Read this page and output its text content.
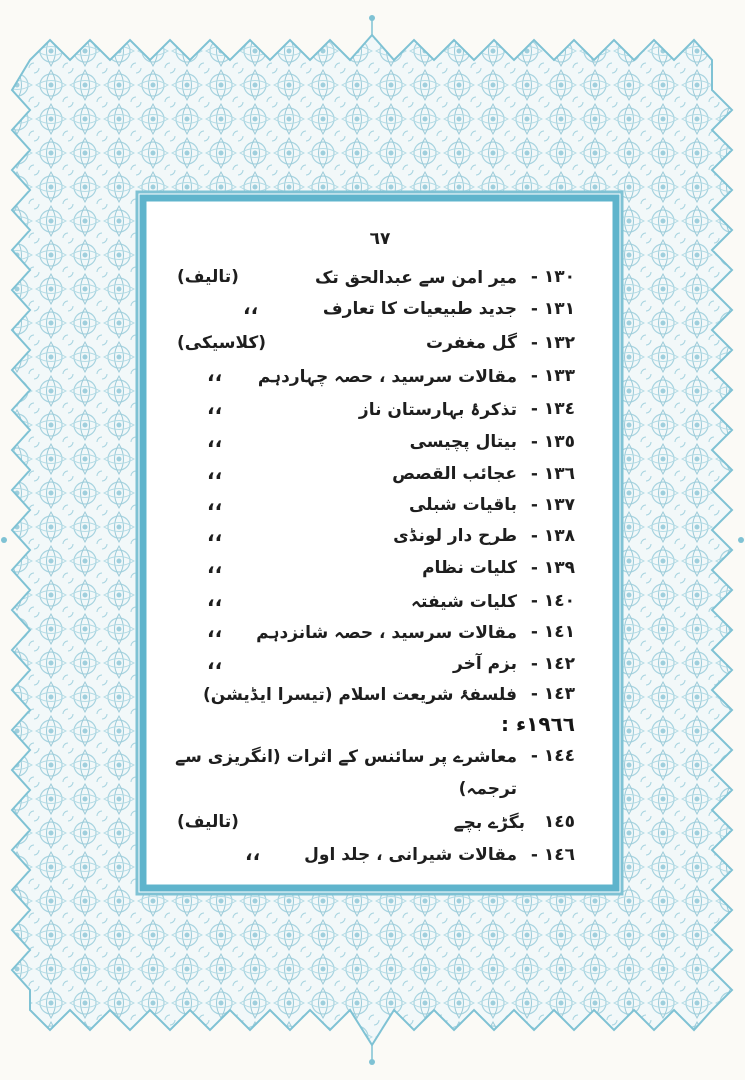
٦٧
١٣٠ -
میر امن سے عبدالحق تک
(تالیف)
١٣١ -
جدید طبیعیات کا تعارف
،،
١٣٢ -
گل مغفرت
(کلاسیکی)
١٣٣ -
مقالات سرسید ، حصہ چہاردہم
،،
١٣٤ -
تذکرۂ بہارستان ناز
،،
١٣٥ -
بیتال پچیسی
،،
١٣٦ -
عجائب القصص
،،
١٣٧ -
باقیات شبلی
،،
١٣٨ -
طرح دار لونڈی
،،
١٣٩ -
کلیات نظام
،،
١٤٠ -
کلیات شیفتہ
،،
١٤١ -
مقالات سرسید ، حصہ شانزدہم
،،
١٤٢ -
بزم آخر
،،
١٤٣ -
فلسفۂ شریعت اسلام (تیسرا ایڈیشن)
١٩٦٦ء :
١٤٤ -
معاشرے پر سائنس کے اثرات (انگریزی سے
ترجمہ)
١٤٥
بگڑے بچے
(تالیف)
١٤٦ -
مقالات شیرانی ، جلد اول
،،
